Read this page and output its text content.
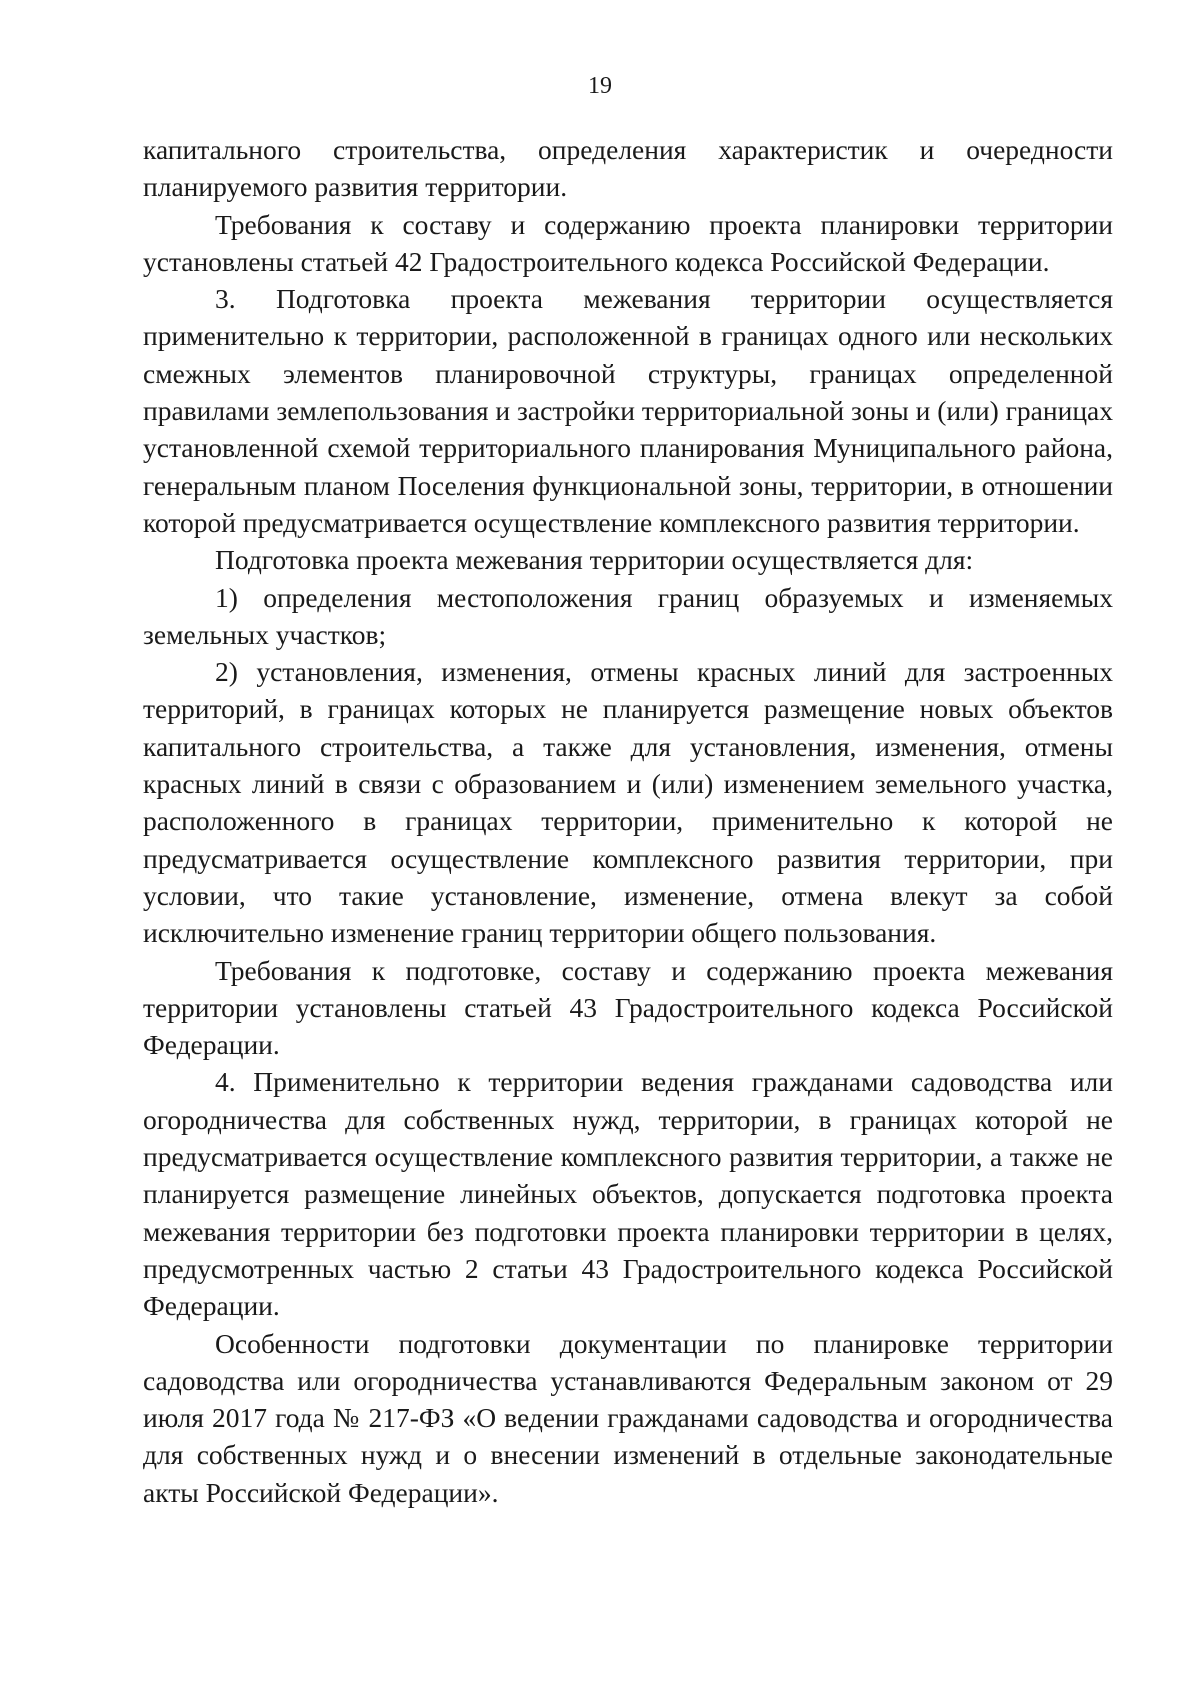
19

капитального строительства, определения характеристик и очередности планируемого развития территории.

Требования к составу и содержанию проекта планировки территории установлены статьей 42 Градостроительного кодекса Российской Федерации.

3. Подготовка проекта межевания территории осуществляется применительно к территории, расположенной в границах одного или нескольких смежных элементов планировочной структуры, границах определенной правилами землепользования и застройки территориальной зоны и (или) границах установленной схемой территориального планирования Муниципального района, генеральным планом Поселения функциональной зоны, территории, в отношении которой предусматривается осуществление комплексного развития территории.

Подготовка проекта межевания территории осуществляется для:

1) определения местоположения границ образуемых и изменяемых земельных участков;

2) установления, изменения, отмены красных линий для застроенных территорий, в границах которых не планируется размещение новых объектов капитального строительства, а также для установления, изменения, отмены красных линий в связи с образованием и (или) изменением земельного участка, расположенного в границах территории, применительно к которой не предусматривается осуществление комплексного развития территории, при условии, что такие установление, изменение, отмена влекут за собой исключительно изменение границ территории общего пользования.

Требования к подготовке, составу и содержанию проекта межевания территории установлены статьей 43 Градостроительного кодекса Российской Федерации.

4. Применительно к территории ведения гражданами садоводства или огородничества для собственных нужд, территории, в границах которой не предусматривается осуществление комплексного развития территории, а также не планируется размещение линейных объектов, допускается подготовка проекта межевания территории без подготовки проекта планировки территории в целях, предусмотренных частью 2 статьи 43 Градостроительного кодекса Российской Федерации.

Особенности подготовки документации по планировке территории садоводства или огородничества устанавливаются Федеральным законом от 29 июля 2017 года № 217-ФЗ «О ведении гражданами садоводства и огородничества для собственных нужд и о внесении изменений в отдельные законодательные акты Российской Федерации».
